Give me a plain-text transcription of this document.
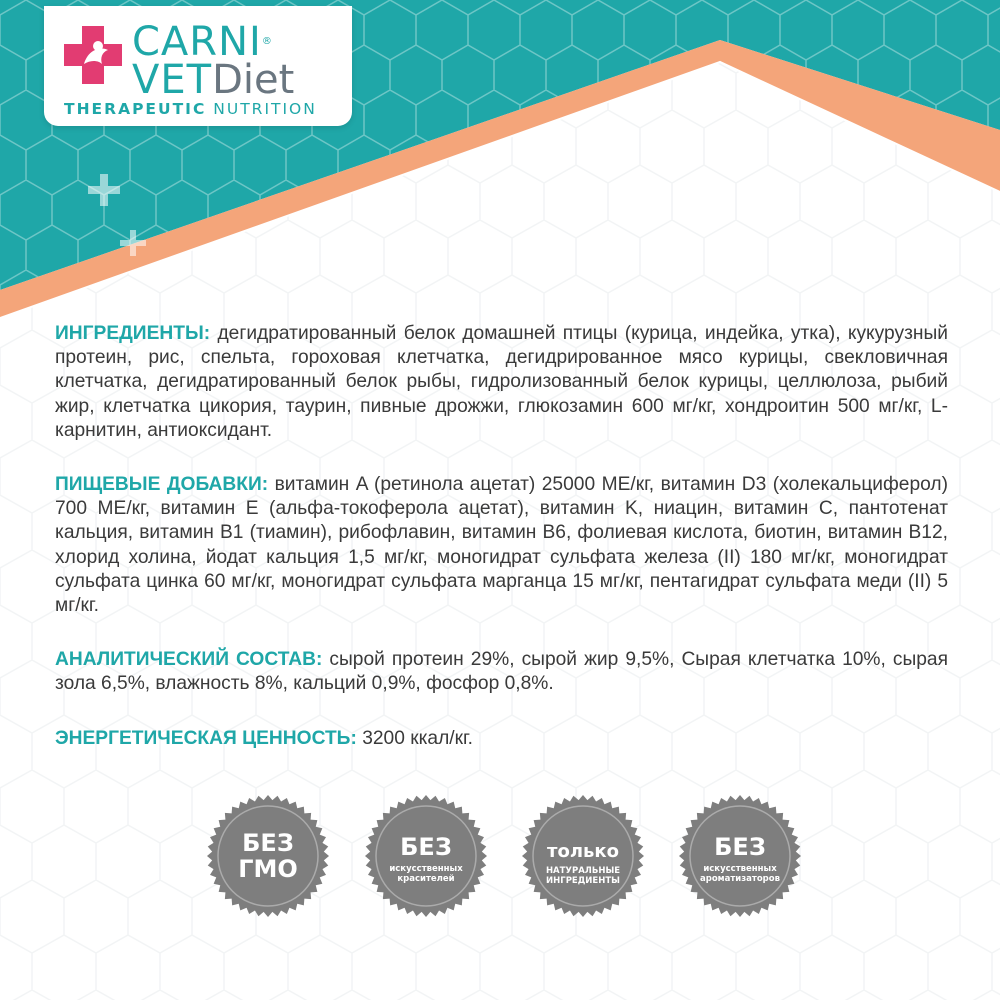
CARNI®
VETDiet
THERAPEUTIC NUTRITION

ИНГРЕДИЕНТЫ: дегидратированный белок домашней птицы (курица, индейка, утка), кукурузный протеин, рис, спельта, гороховая клетчатка, дегидрированное мясо курицы, свекловичная клетчатка, дегидратированный белок рыбы, гидролизованный белок курицы, целлюлоза, рыбий жир, клетчатка цикория, таурин, пивные дрожжи, глюкозамин 600 мг/кг, хондроитин 500 мг/кг, L-карнитин, антиоксидант.

ПИЩЕВЫЕ ДОБАВКИ: витамин A (ретинола ацетат) 25000 МЕ/кг, витамин D3 (холекальциферол) 700 МЕ/кг, витамин E (альфа-токоферола ацетат), витамин K, ниацин, витамин C, пантотенат кальция, витамин B1 (тиамин), рибофлавин, витамин B6, фолиевая кислота, биотин, витамин B12, хлорид холина, йодат кальция 1,5 мг/кг, моногидрат сульфата железа (II) 180 мг/кг, моногидрат сульфата цинка 60 мг/кг, моногидрат сульфата марганца 15 мг/кг, пентагидрат сульфата меди (II) 5 мг/кг.

АНАЛИТИЧЕСКИЙ СОСТАВ: сырой протеин 29%, сырой жир 9,5%, Сырая клетчатка 10%, сырая зола 6,5%, влажность 8%, кальций 0,9%, фосфор 0,8%.

ЭНЕРГЕТИЧЕСКАЯ ЦЕННОСТЬ: 3200 ккал/кг.

БЕЗ
ГМО
БЕЗ
искусственных
красителей
только
НАТУРАЛЬНЫЕ
ИНГРЕДИЕНТЫ
БЕЗ
искусственных
ароматизаторов
